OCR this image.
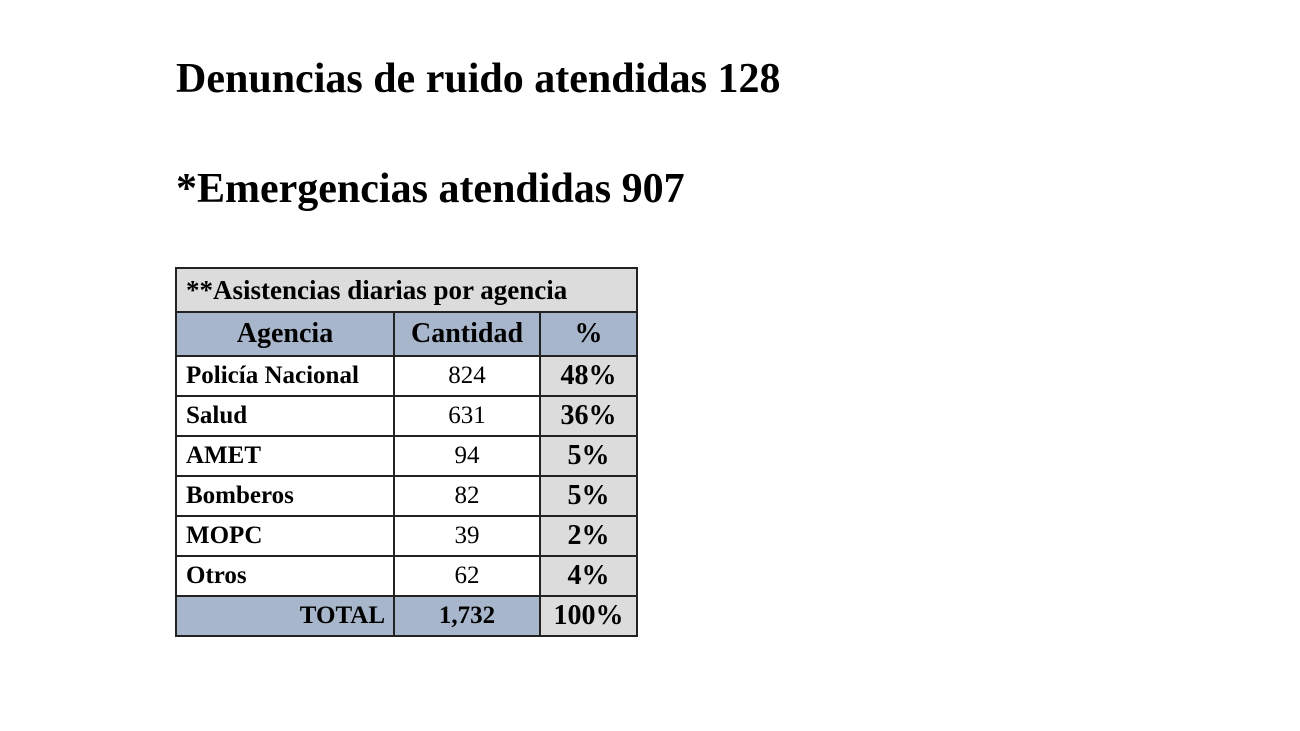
Denuncias de ruido atendidas 128
*Emergencias atendidas 907
**Asistencias diarias por agencia		
Agencia	Cantidad	%
Policía Nacional	824	48%
Salud	631	36%
AMET	94	5%
Bomberos	82	5%
MOPC	39	2%
Otros	62	4%
TOTAL	1,732	100%
